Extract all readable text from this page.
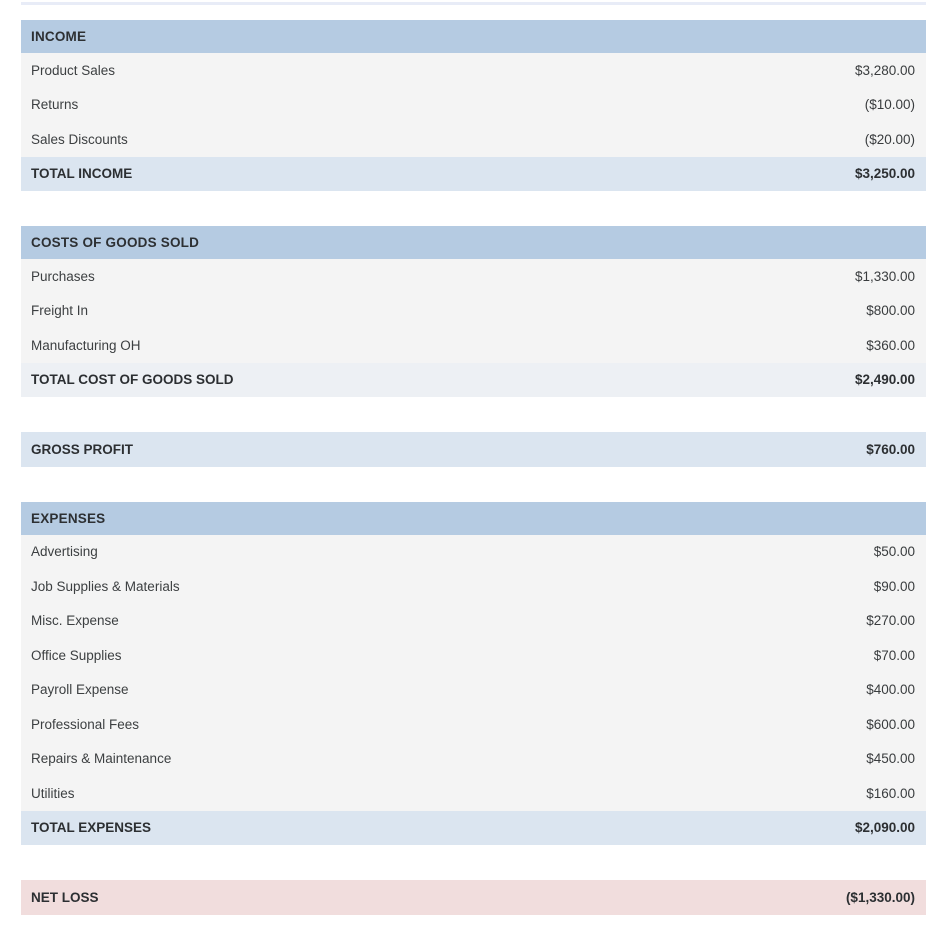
INCOME
Product Sales	$3,280.00
Returns	($10.00)
Sales Discounts	($20.00)
TOTAL INCOME	$3,250.00
COSTS OF GOODS SOLD
Purchases	$1,330.00
Freight In	$800.00
Manufacturing OH	$360.00
TOTAL COST OF GOODS SOLD	$2,490.00
GROSS PROFIT	$760.00
EXPENSES
Advertising	$50.00
Job Supplies & Materials	$90.00
Misc. Expense	$270.00
Office Supplies	$70.00
Payroll Expense	$400.00
Professional Fees	$600.00
Repairs & Maintenance	$450.00
Utilities	$160.00
TOTAL EXPENSES	$2,090.00
NET LOSS	($1,330.00)
